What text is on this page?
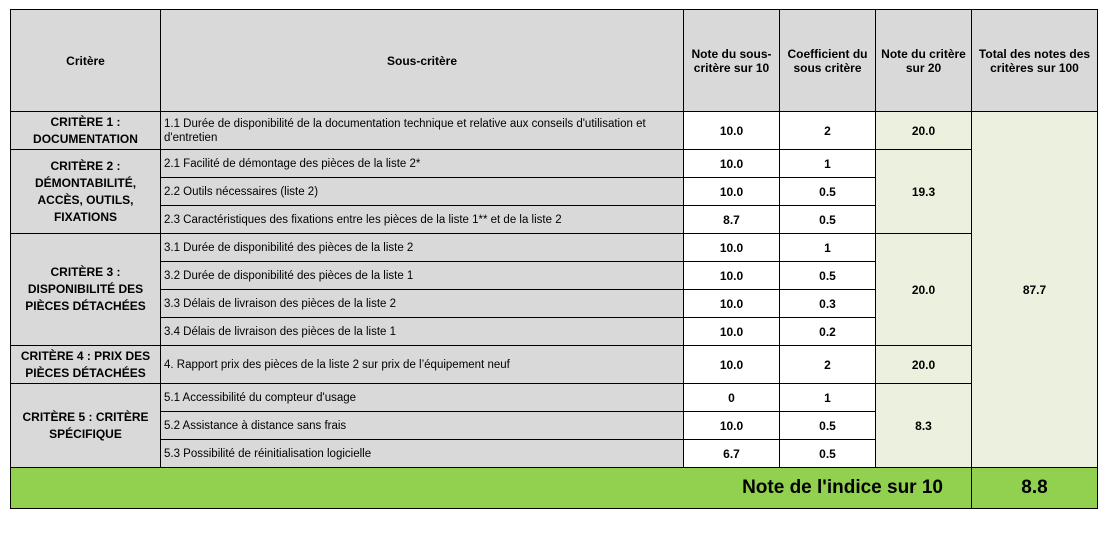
Critère	Sous-critère	Note du sous-critère sur 10	Coefficient du sous critère	Note du critère sur 20	Total des notes des critères sur 100
CRITÈRE 1 : DOCUMENTATION	1.1 Durée de disponibilité de la documentation technique et relative aux conseils d'utilisation et d'entretien	10.0	2	20.0	87.7
CRITÈRE 2 : DÉMONTABILITÉ, ACCÈS, OUTILS, FIXATIONS	2.1 Facilité de démontage des pièces de la liste 2*	10.0	1	19.3	
	2.2 Outils nécessaires (liste 2)	10.0	0.5		
	2.3 Caractéristiques des fixations entre les pièces de la liste 1** et de la liste 2	8.7	0.5		
CRITÈRE 3 : DISPONIBILITÉ DES PIÈCES DÉTACHÉES	3.1 Durée de disponibilité des pièces de la liste 2	10.0	1	20.0	
	3.2 Durée de disponibilité des pièces de la liste 1	10.0	0.5		
	3.3 Délais de livraison des pièces de la liste 2	10.0	0.3		
	3.4 Délais de livraison des pièces de la liste 1	10.0	0.2		
CRITÈRE 4 : PRIX DES PIÈCES DÉTACHÉES	4. Rapport prix des pièces de la liste 2 sur prix de l’équipement neuf	10.0	2	20.0	
CRITÈRE 5 : CRITÈRE SPÉCIFIQUE	5.1 Accessibilité du compteur d'usage	0	1	8.3	
	5.2 Assistance à distance sans frais	10.0	0.5		
	5.3 Possibilité de réinitialisation logicielle	6.7	0.5		
Note de l'indice sur 10					8.8
